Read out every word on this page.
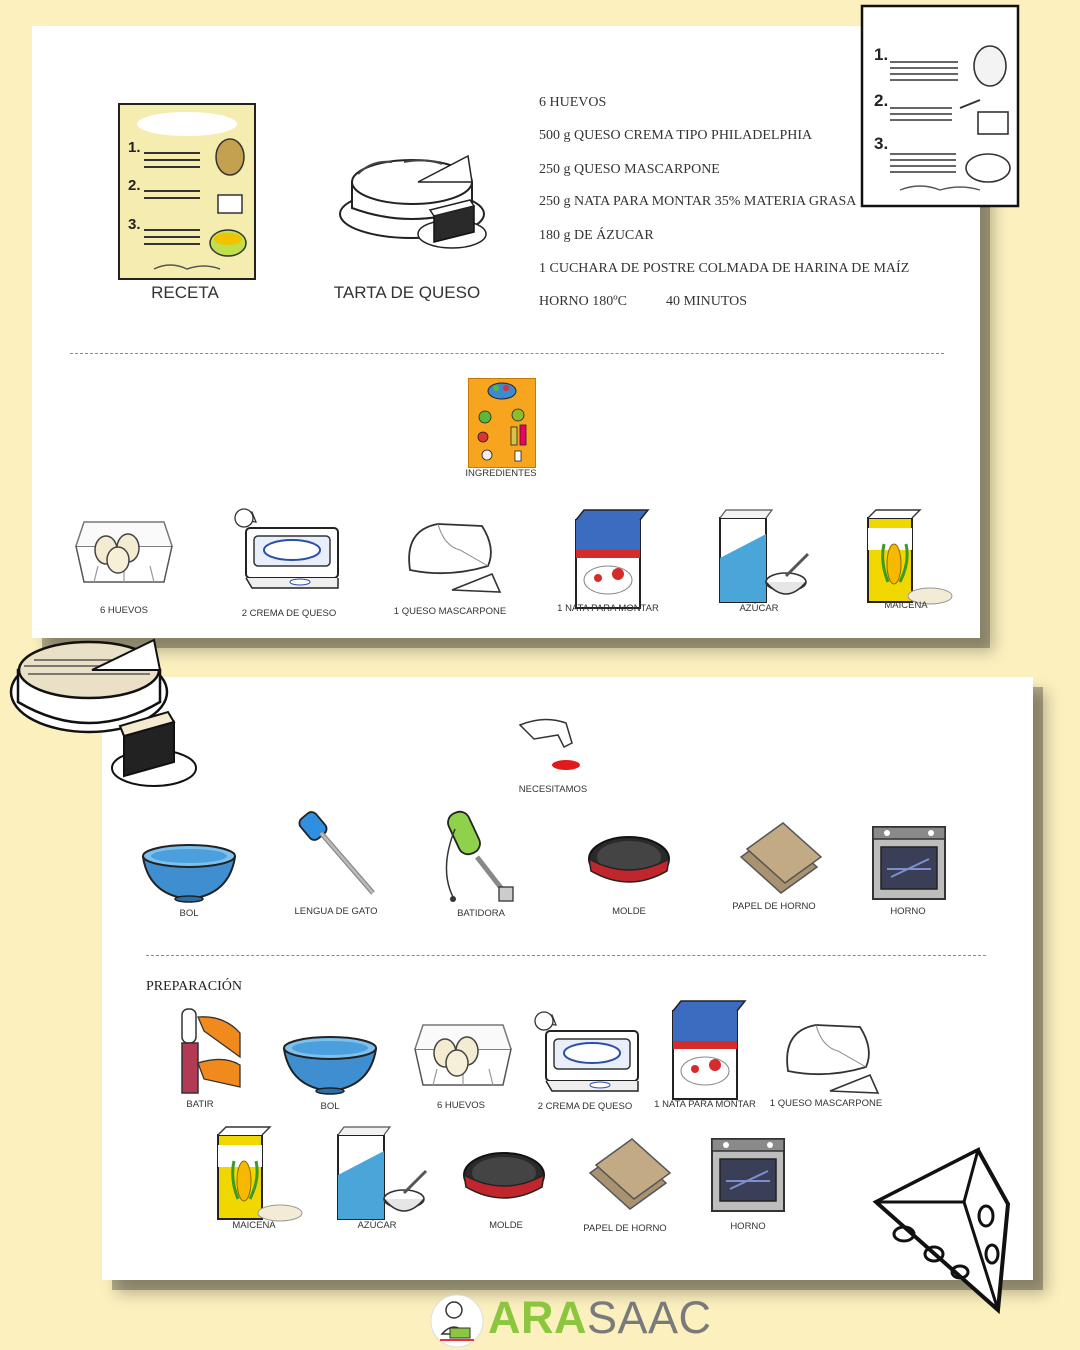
1.
2.
3.
RECETA	TARTA DE QUESO
6 HUEVOS
500 g QUESO CREMA TIPO PHILADELPHIA
250 g QUESO MASCARPONE
250 g NATA PARA MONTAR 35% MATERIA GRASA
180 g DE ÁZUCAR
1 CUCHARA DE POSTRE COLMADA DE HARINA DE MAÍZ
HORNO 180ºC	40 MINUTOS
INGREDIENTES
6 HUEVOS	2 CREMA DE QUESO	1 QUESO MASCARPONE	1 NATA PARA MONTAR	AZÚCAR	MAICENA
1.
2.
3.
NECESITAMOS
BOL	LENGUA DE GATO	BATIDORA	MOLDE	PAPEL DE HORNO	HORNO
PREPARACIÓN
BATIR	BOL	6 HUEVOS	2 CREMA DE QUESO 1 NATA PARA MONTAR 1 QUESO MASCARPONE
MAICENA	AZÚCAR	MOLDE	PAPEL DE HORNO	HORNO
ARASAAC
